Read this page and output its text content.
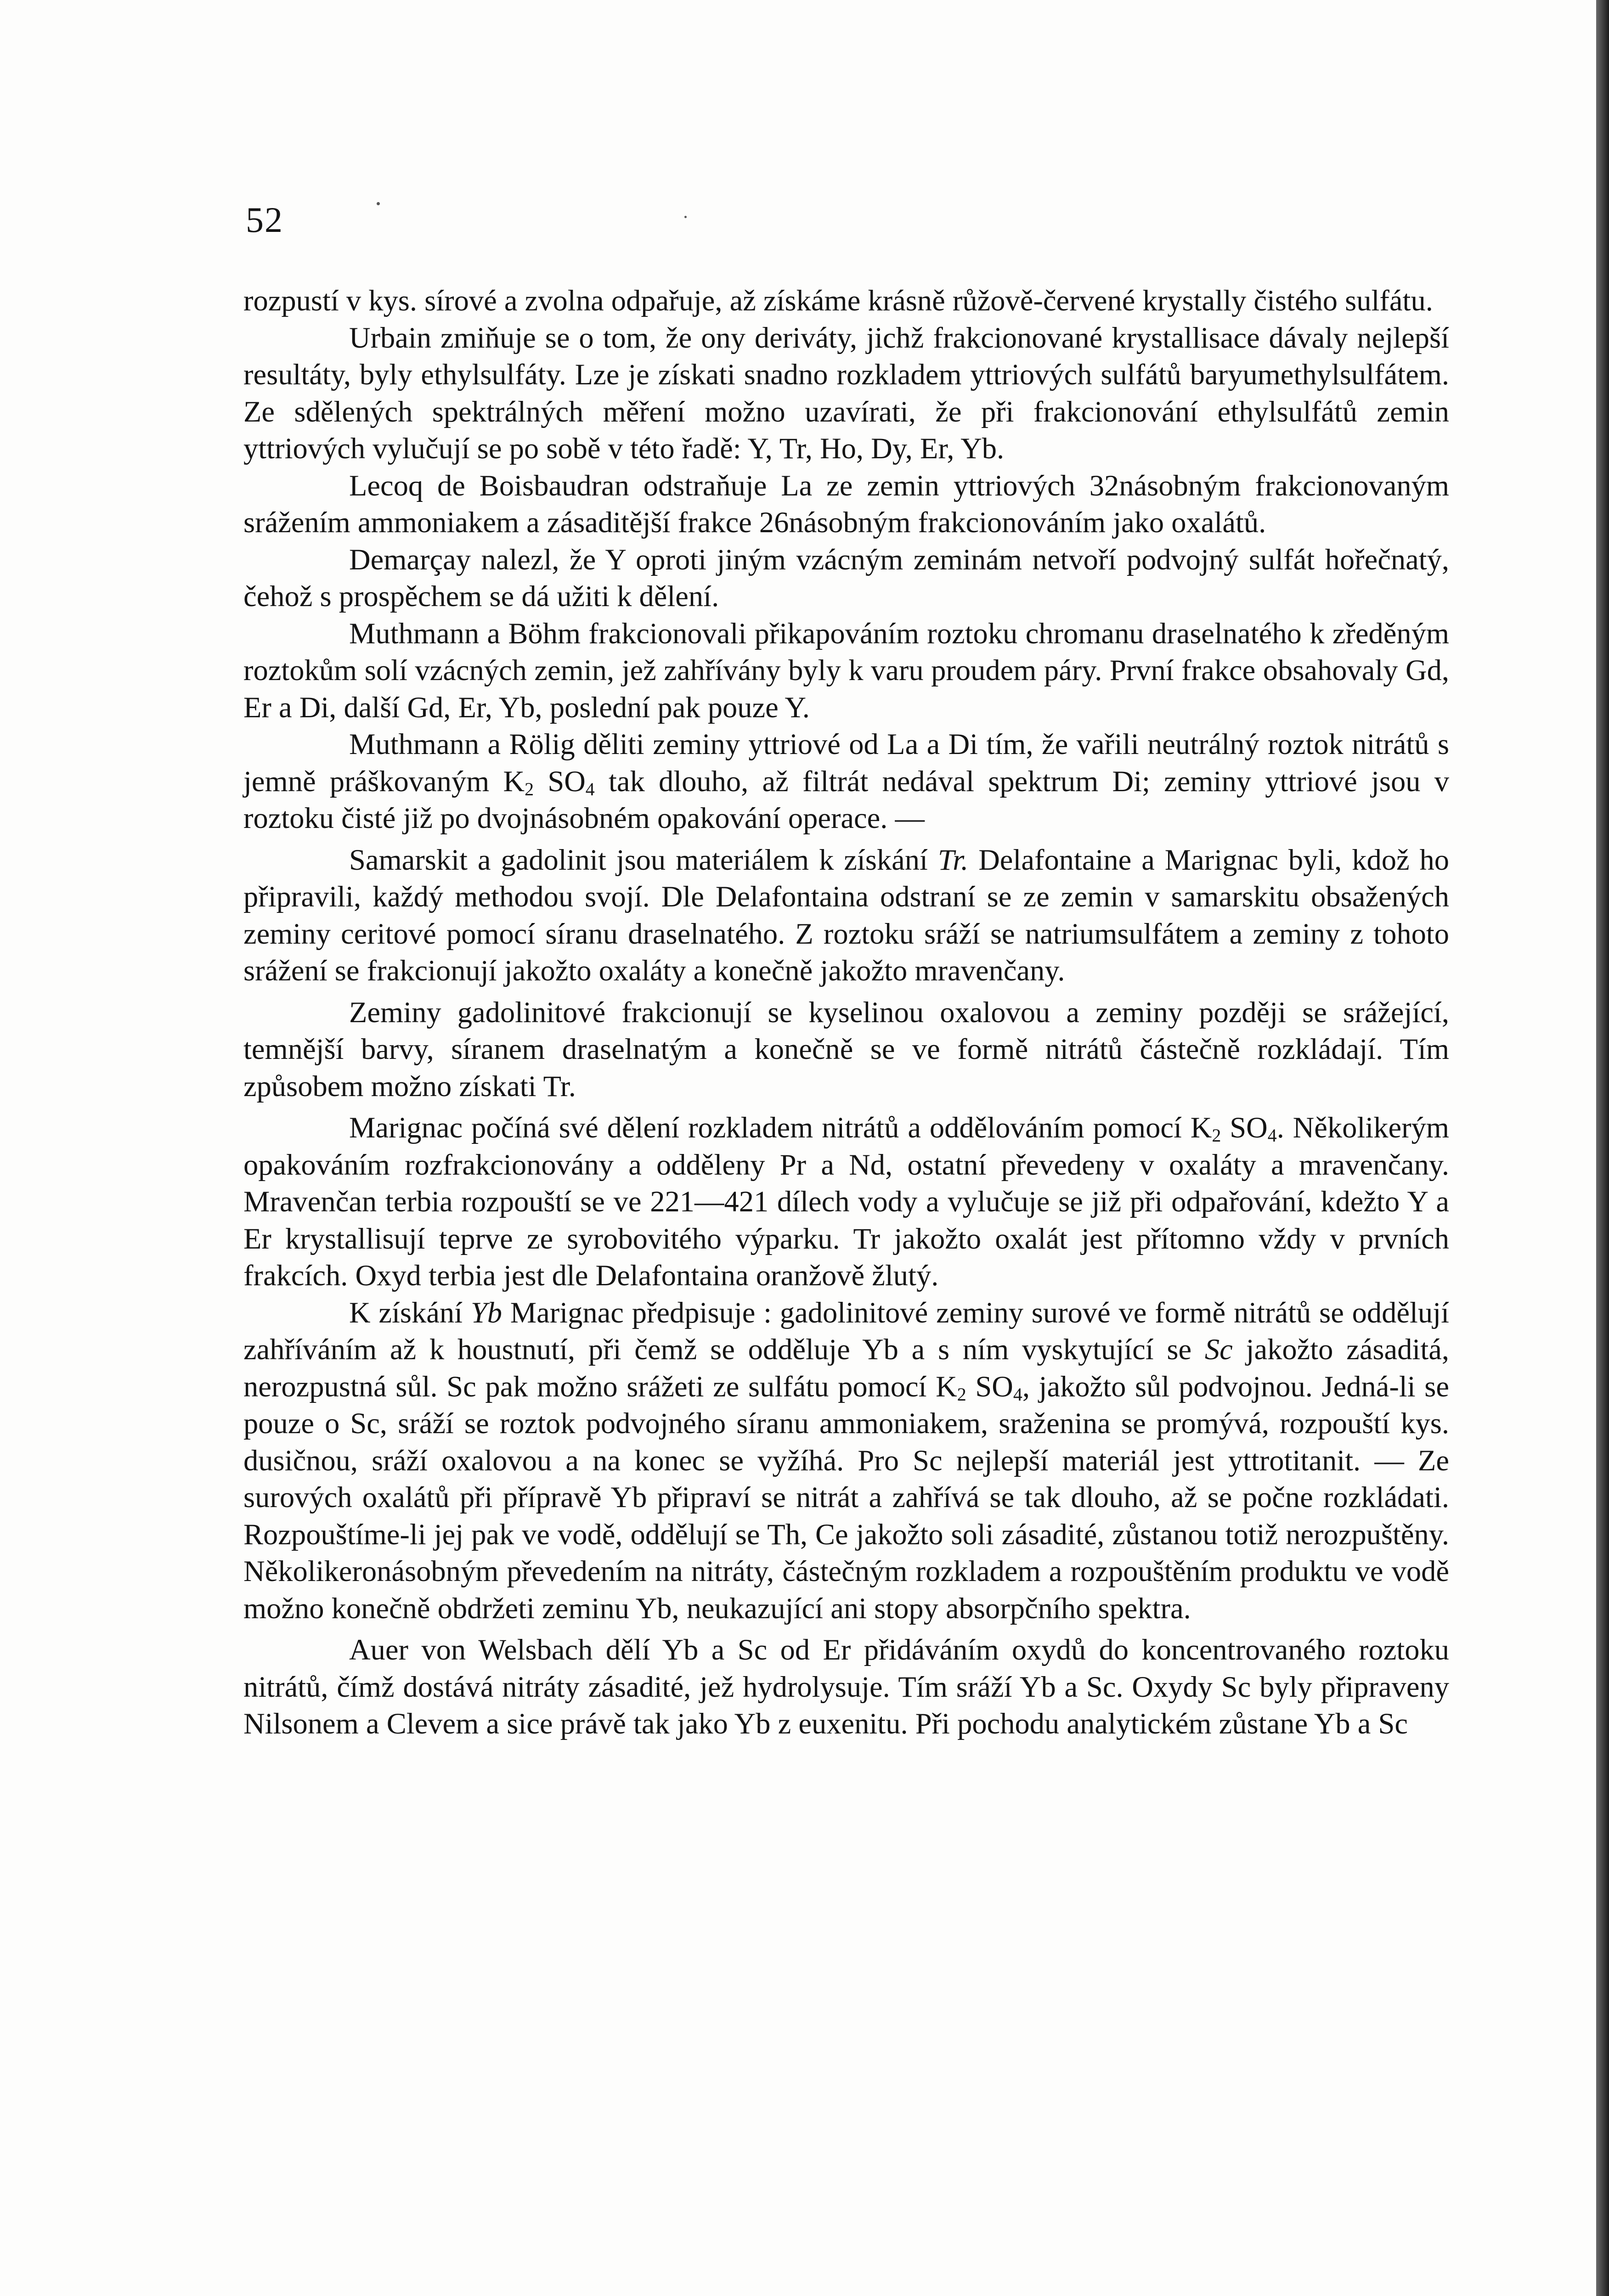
52

rozpustí v kys. sírové a zvolna odpařuje, až získáme krásně růžově-červené krystally čistého sulfátu.

Urbain zmiňuje se o tom, že ony deriváty, jichž frakcionované krystallisace dávaly nejlepší resultáty, byly ethylsulfáty. Lze je získati snadno rozkladem yttriových sulfátů baryumethylsulfátem. Ze sdělených spektrálných měření možno uzavírati, že při frakcionování ethylsulfátů zemin yttriových vylučují se po sobě v této řadě: Y, Tr, Ho, Dy, Er, Yb.

Lecoq de Boisbaudran odstraňuje La ze zemin yttriových 32násobným frakcionovaným srážením ammoniakem a zásaditější frakce 26násobným frakcionováním jako oxalátů.

Demarçay nalezl, že Y oproti jiným vzácným zeminám netvoří podvojný sulfát hořečnatý, čehož s prospěchem se dá užiti k dělení.

Muthmann a Böhm frakcionovali přikapováním roztoku chromanu draselnatého k zředěným roztokům solí vzácných zemin, jež zahřívány byly k varu proudem páry. První frakce obsahovaly Gd, Er a Di, další Gd, Er, Yb, poslední pak pouze Y.

Muthmann a Rölig děliti zeminy yttriové od La a Di tím, že vařili neutrálný roztok nitrátů s jemně práškovaným $K_2$ $SO_4$ tak dlouho, až filtrát nedával spektrum Di; zeminy yttriové jsou v roztoku čisté již po dvojnásobném opakování operace. —

Samarskit a gadolinit jsou materiálem k získání Tr. Delafontaine a Marignac byli, kdož ho připravili, každý methodou svojí. Dle Delafontaina odstraní se ze zemin v samarskitu obsažených zeminy ceritové pomocí síranu draselnatého. Z roztoku sráží se natriumsulfátem a zeminy z tohoto srážení se frakcionují jakožto oxaláty a konečně jakožto mravenčany.

Zeminy gadolinitové frakcionují se kyselinou oxalovou a zeminy později se srážející, temnější barvy, síranem draselnatým a konečně se ve formě nitrátů částečně rozkládají. Tím způsobem možno získati Tr.

Marignac počíná své dělení rozkladem nitrátů a oddělováním pomocí $K_2$ $SO_4$. Několikerým opakováním rozfrakcionovány a odděleny Pr a Nd, ostatní převedeny v oxaláty a mravenčany. Mravenčan terbia rozpouští se ve 221—421 dílech vody a vylučuje se již při odpařování, kdežto Y a Er krystallisují teprve ze syrobovitého výparku. Tr jakožto oxalát jest přítomno vždy v prvních frakcích. Oxyd terbia jest dle Delafontaina oranžově žlutý.

K získání Yb Marignac předpisuje : gadolinitové zeminy surové ve formě nitrátů se oddělují zahříváním až k houstnutí, při čemž se odděluje Yb a s ním vyskytující se Sc jakožto zásaditá, nerozpustná sůl. Sc pak možno srážeti ze sulfátu pomocí $K_2$ $SO_4$, jakožto sůl podvojnou. Jedná-li se pouze o Sc, sráží se roztok podvojného síranu ammoniakem, sraženina se promývá, rozpouští kys. dusičnou, sráží oxalovou a na konec se vyžíhá. Pro Sc nejlepší materiál jest yttrotitanit. — Ze surových oxalátů při přípravě Yb připraví se nitrát a zahřívá se tak dlouho, až se počne rozkládati. Rozpouštíme-li jej pak ve vodě, oddělují se Th, Ce jakožto soli zásadité, zůstanou totiž nerozpuštěny. Několikeronásobným převedením na nitráty, částečným rozkladem a rozpouštěním produktu ve vodě možno konečně obdržeti zeminu Yb, neukazující ani stopy absorpčního spektra.

Auer von Welsbach dělí Yb a Sc od Er přidáváním oxydů do koncentrovaného roztoku nitrátů, čímž dostává nitráty zásadité, jež hydrolysuje. Tím sráží Yb a Sc. Oxydy Sc byly připraveny Nilsonem a Clevem a sice právě tak jako Yb z euxenitu. Při pochodu analytickém zůstane Yb a Sc
